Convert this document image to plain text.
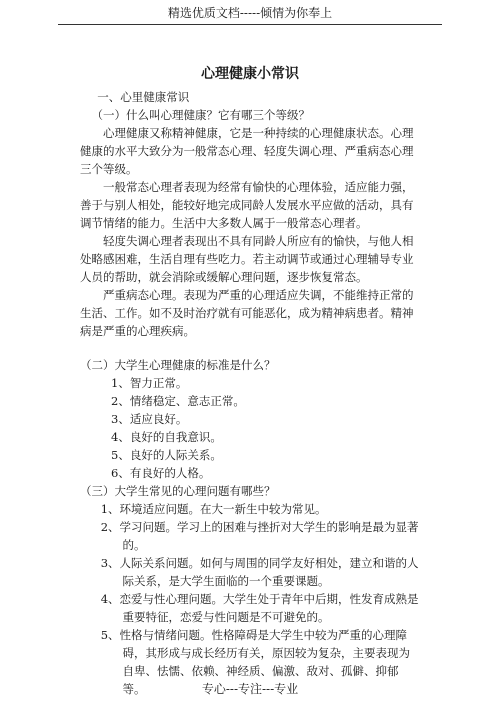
精选优质文档-----倾情为你奉上
心理健康小常识

一、心里健康常识

（一）什么叫心理健康？它有哪三个等级？

心理健康又称精神健康，它是一种持续的心理健康状态。心理健康的水平大致分为一般常态心理、轻度失调心理、严重病态心理三个等级。

一般常态心理者表现为经常有愉快的心理体验，适应能力强，善于与别人相处，能较好地完成同龄人发展水平应做的活动，具有调节情绪的能力。生活中大多数人属于一般常态心理者。

轻度失调心理者表现出不具有同龄人所应有的愉快，与他人相处略感困难，生活自理有些吃力。若主动调节或通过心理辅导专业人员的帮助，就会消除或缓解心理问题，逐步恢复常态。

严重病态心理。表现为严重的心理适应失调，不能维持正常的生活、工作。如不及时治疗就有可能恶化，成为精神病患者。精神病是严重的心理疾病。

（二）大学生心理健康的标准是什么？

1、智力正常。

2、情绪稳定、意志正常。

3、适应良好。

4、良好的自我意识。

5、良好的人际关系。

6、有良好的人格。

（三）大学生常见的心理问题有哪些？

1、环境适应问题。在大一新生中较为常见。

2、学习问题。学习上的困难与挫折对大学生的影响是最为显著的。

3、人际关系问题。如何与周围的同学友好相处，建立和谐的人际关系，是大学生面临的一个重要课题。

4、恋爱与性心理问题。大学生处于青年中后期，性发育成熟是重要特征，恋爱与性问题是不可避免的。

5、性格与情绪问题。性格障碍是大学生中较为严重的心理障碍，其形成与成长经历有关，原因较为复杂，主要表现为自卑、怯懦、依赖、神经质、偏激、敌对、孤僻、抑郁等。	专心---专注---专业
